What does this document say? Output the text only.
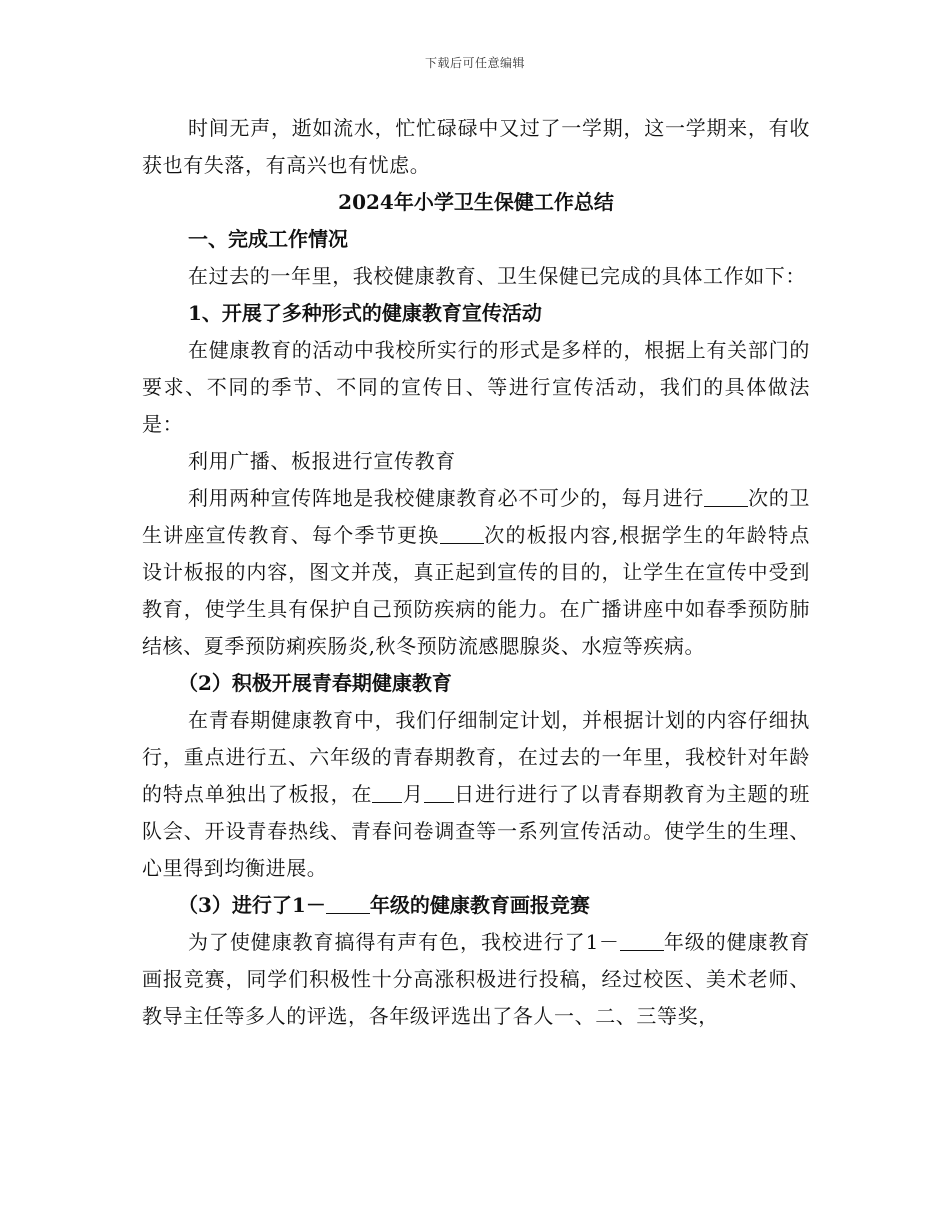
下载后可任意编辑

时间无声，逝如流水，忙忙碌碌中又过了一学期，这一学期来，有收获也有失落，有高兴也有忧虑。

2024年小学卫生保健工作总结

一、完成工作情况

在过去的一年里，我校健康教育、卫生保健已完成的具体工作如下：

1、开展了多种形式的健康教育宣传活动

在健康教育的活动中我校所实行的形式是多样的，根据上有关部门的要求、不同的季节、不同的宣传日、等进行宣传活动，我们的具体做法是：

利用广播、板报进行宣传教育

利用两种宣传阵地是我校健康教育必不可少的，每月进行 次的卫生讲座宣传教育、每个季节更换 次的板报内容,根据学生的年龄特点设计板报的内容，图文并茂，真正起到宣传的目的，让学生在宣传中受到教育，使学生具有保护自己预防疾病的能力。在广播讲座中如春季预防肺结核、夏季预防痢疾肠炎,秋冬预防流感腮腺炎、水痘等疾病。

（2）积极开展青春期健康教育

在青春期健康教育中，我们仔细制定计划，并根据计划的内容仔细执行，重点进行五、六年级的青春期教育，在过去的一年里，我校针对年龄的特点单独出了板报，在 月 日进行进行了以青春期教育为主题的班队会、开设青春热线、青春问卷调查等一系列宣传活动。使学生的生理、心里得到均衡进展。

（3）进行了1－ 年级的健康教育画报竞赛

为了使健康教育搞得有声有色，我校进行了1－ 年级的健康教育画报竞赛，同学们积极性十分高涨积极进行投稿，经过校医、美术老师、教导主任等多人的评选，各年级评选出了各人一、二、三等奖，
